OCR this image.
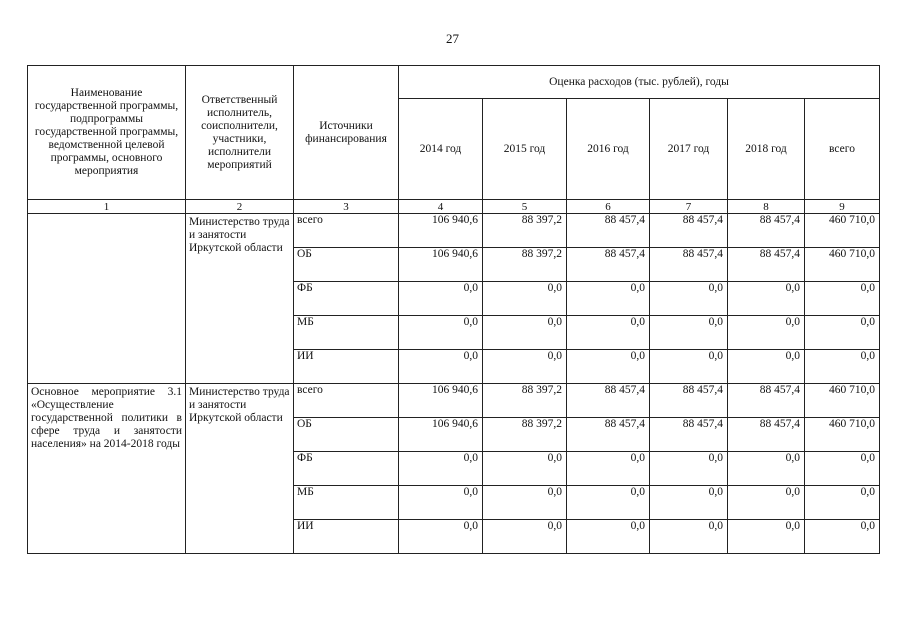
27
Наименование государственной программы, подпрограммы государственной программы, ведомственной целевой программы, основного мероприятия	Ответственный исполнитель, соисполнители, участники, исполнители мероприятий	Источники финансирования	Оценка расходов (тыс. рублей), годы					
			2014 год	2015 год	2016 год	2017 год	2018 год	всего
1	2	3	4	5	6	7	8	9
	Министерство труда и занятости Иркутской области	всего	106 940,6	88 397,2	88 457,4	88 457,4	88 457,4	460 710,0
		ОБ	106 940,6	88 397,2	88 457,4	88 457,4	88 457,4	460 710,0
		ФБ	0,0	0,0	0,0	0,0	0,0	0,0
		МБ	0,0	0,0	0,0	0,0	0,0	0,0
		ИИ	0,0	0,0	0,0	0,0	0,0	0,0
Основное мероприятие 3.1 «Осуществление государственной политики в сфере труда и занятости населения» на 2014-2018 годы	Министерство труда и занятости Иркутской области	всего	106 940,6	88 397,2	88 457,4	88 457,4	88 457,4	460 710,0
		ОБ	106 940,6	88 397,2	88 457,4	88 457,4	88 457,4	460 710,0
		ФБ	0,0	0,0	0,0	0,0	0,0	0,0
		МБ	0,0	0,0	0,0	0,0	0,0	0,0
		ИИ	0,0	0,0	0,0	0,0	0,0	0,0
